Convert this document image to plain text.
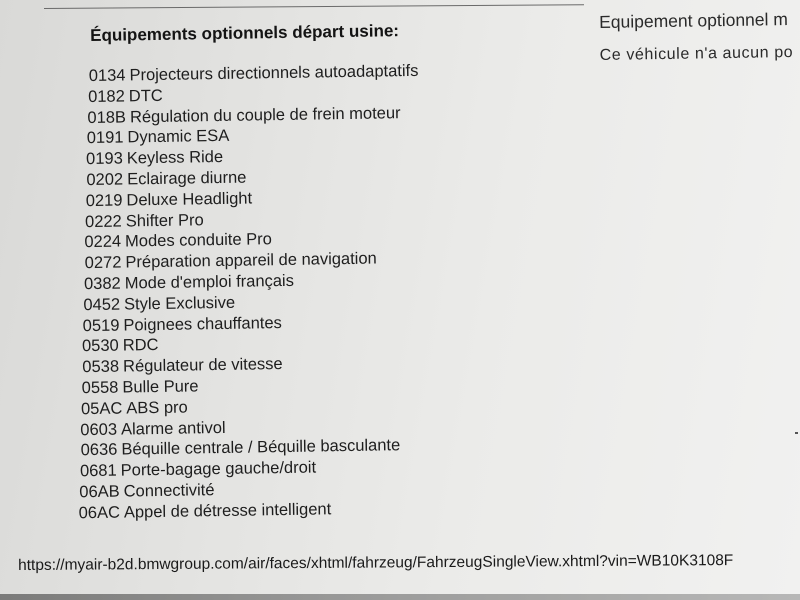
Équipements optionnels départ usine:
0134 Projecteurs directionnels autoadaptatifs
0182 DTC
018B Régulation du couple de frein moteur
0191 Dynamic ESA
0193 Keyless Ride
0202 Eclairage diurne
0219 Deluxe Headlight
0222 Shifter Pro
0224 Modes conduite Pro
0272 Préparation appareil de navigation
0382 Mode d'emploi français
0452 Style Exclusive
0519 Poignees chauffantes
0530 RDC
0538 Régulateur de vitesse
0558 Bulle Pure
05AC ABS pro
0603 Alarme antivol
0636 Béquille centrale / Béquille basculante
0681 Porte-bagage gauche/droit
06AB Connectivité
06AC Appel de détresse intelligent
Equipement optionnel m
Ce véhicule n'a aucun po
https://myair-b2d.bmwgroup.com/air/faces/xhtml/fahrzeug/FahrzeugSingleView.xhtml?vin=WB10K3108F
